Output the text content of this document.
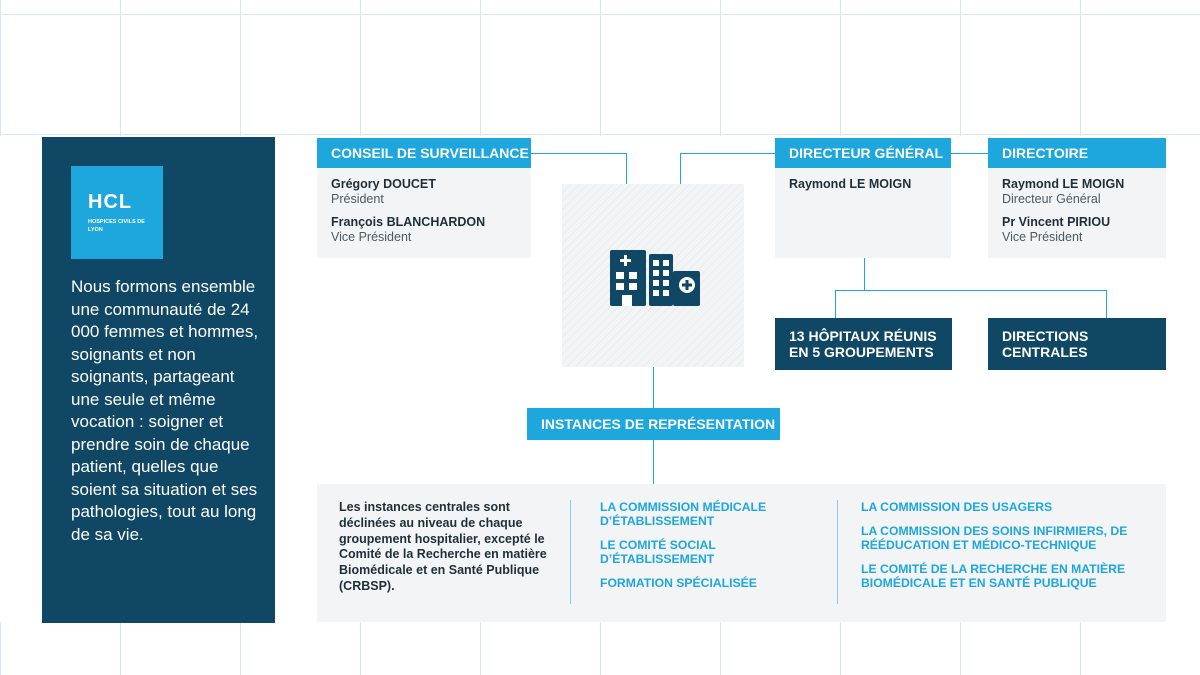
HCL
HOSPICES CIVILS DE LYON
Nous formons ensemble une communauté de 24 000 femmes et hommes, soignants et non soignants, partageant une seule et même vocation : soigner et prendre soin de chaque patient, quelles que soient sa situation et ses pathologies, tout au long de sa vie.
CONSEIL DE SURVEILLANCE
Grégory DOUCET
Président
François BLANCHARDON
Vice Président
DIRECTEUR GÉNÉRAL
Raymond LE MOIGN
DIRECTOIRE
Raymond LE MOIGN
Directeur Général
Pr Vincent PIRIOU
Vice Président
13 HÔPITAUX RÉUNIS
EN 5 GROUPEMENTS
DIRECTIONS
CENTRALES
INSTANCES DE REPRÉSENTATION
Les instances centrales sont déclinées au niveau de chaque groupement hospitalier, excepté le Comité de la Recherche en matière Biomédicale et en Santé Publique (CRBSP).
LA COMMISSION MÉDICALE D’ÉTABLISSEMENT
LE COMITÉ SOCIAL D’ÉTABLISSEMENT
FORMATION SPÉCIALISÉE
LA COMMISSION DES USAGERS
LA COMMISSION DES SOINS INFIRMIERS, DE RÉÉDUCATION ET MÉDICO-TECHNIQUE
LE COMITÉ DE LA RECHERCHE EN MATIÈRE BIOMÉDICALE ET EN SANTÉ PUBLIQUE
